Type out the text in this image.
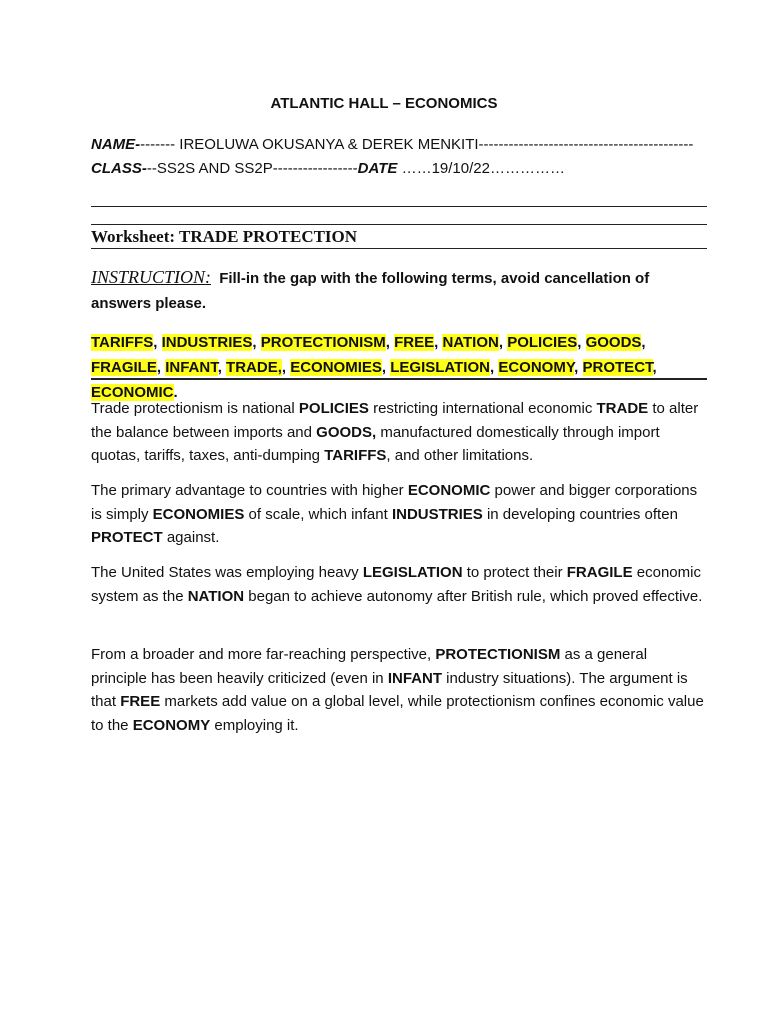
ATLANTIC HALL – ECONOMICS
NAME-------- IREOLUWA OKUSANYA & DEREK MENKITI------------------------------------------- CLASS---SS2S AND SS2P-----------------DATE ……19/10/22……………
Worksheet: TRADE PROTECTION
INSTRUCTION: Fill-in the gap with the following terms, avoid cancellation of answers please.
TARIFFS, INDUSTRIES, PROTECTIONISM, FREE, NATION, POLICIES, GOODS, FRAGILE, INFANT, TRADE,, ECONOMIES, LEGISLATION, ECONOMY, PROTECT, ECONOMIC.
Trade protectionism is national POLICIES restricting international economic TRADE to alter the balance between imports and GOODS, manufactured domestically through import quotas, tariffs, taxes, anti-dumping TARIFFS, and other limitations.
The primary advantage to countries with higher ECONOMIC power and bigger corporations is simply ECONOMIES of scale, which infant INDUSTRIES in developing countries often PROTECT against.
The United States was employing heavy LEGISLATION to protect their FRAGILE economic system as the NATION began to achieve autonomy after British rule, which proved effective.
From a broader and more far-reaching perspective, PROTECTIONISM as a general principle has been heavily criticized (even in INFANT industry situations). The argument is that FREE markets add value on a global level, while protectionism confines economic value to the ECONOMY employing it.
